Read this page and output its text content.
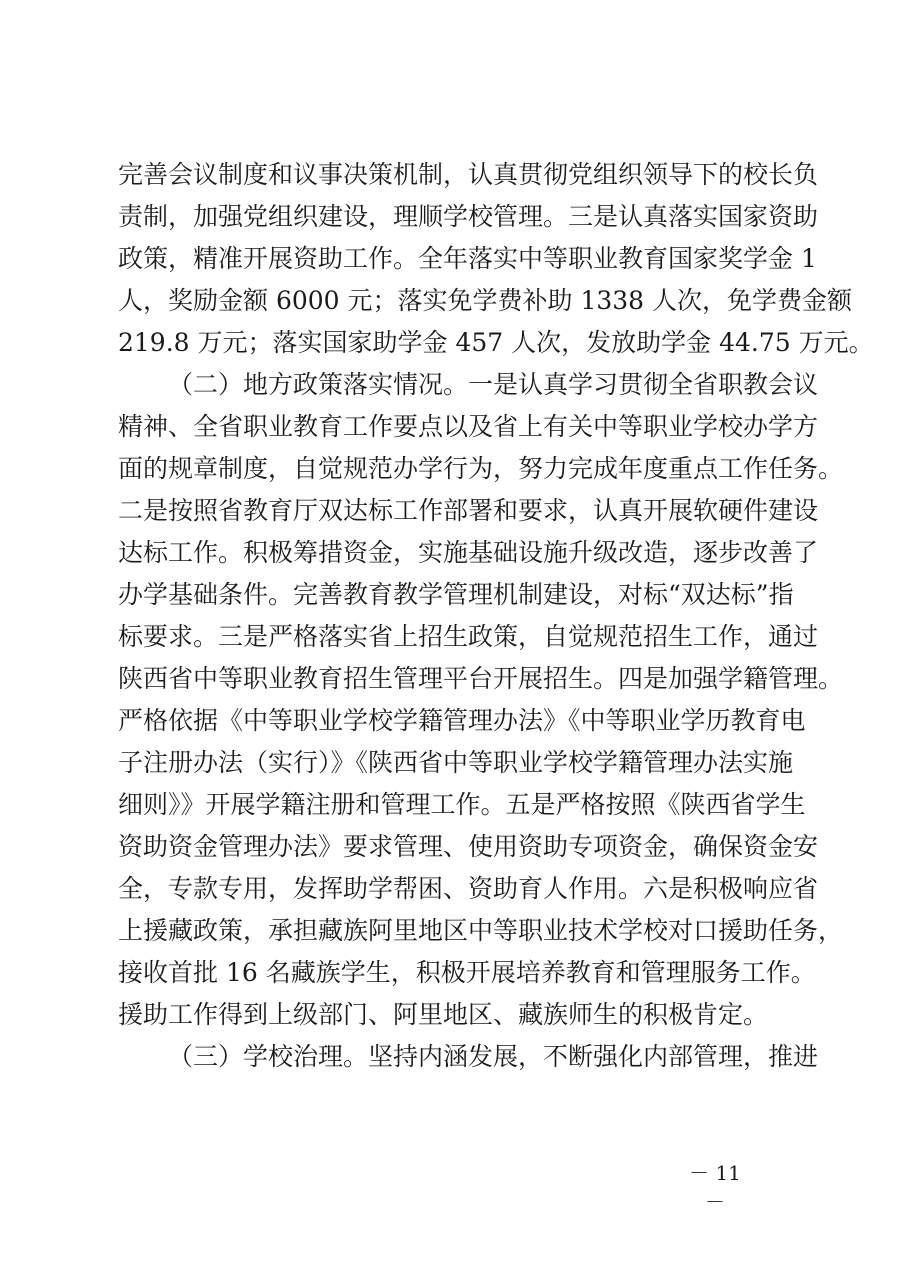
完善会议制度和议事决策机制，认真贯彻党组织领导下的校长负
责制，加强党组织建设，理顺学校管理。三是认真落实国家资助
政策，精准开展资助工作。全年落实中等职业教育国家奖学金 1
人，奖励金额 6000 元；落实免学费补助 1338 人次，免学费金额
219.8 万元；落实国家助学金 457 人次，发放助学金 44.75 万元。
（二）地方政策落实情况。一是认真学习贯彻全省职教会议
精神、全省职业教育工作要点以及省上有关中等职业学校办学方
面的规章制度，自觉规范办学行为，努力完成年度重点工作任务。
二是按照省教育厅双达标工作部署和要求，认真开展软硬件建设
达标工作。积极筹措资金，实施基础设施升级改造，逐步改善了
办学基础条件。完善教育教学管理机制建设，对标“双达标”指
标要求。三是严格落实省上招生政策，自觉规范招生工作，通过
陕西省中等职业教育招生管理平台开展招生。四是加强学籍管理。
严格依据《中等职业学校学籍管理办法》《中等职业学历教育电
子注册办法（实行）》《陕西省中等职业学校学籍管理办法实施
细则》》开展学籍注册和管理工作。五是严格按照《陕西省学生
资助资金管理办法》要求管理、使用资助专项资金，确保资金安
全，专款专用，发挥助学帮困、资助育人作用。六是积极响应省
上援藏政策，承担藏族阿里地区中等职业技术学校对口援助任务，
接收首批 16 名藏族学生，积极开展培养教育和管理服务工作。
援助工作得到上级部门、阿里地区、藏族师生的积极肯定。
（三）学校治理。坚持内涵发展，不断强化内部管理，推进
－ 11 －
